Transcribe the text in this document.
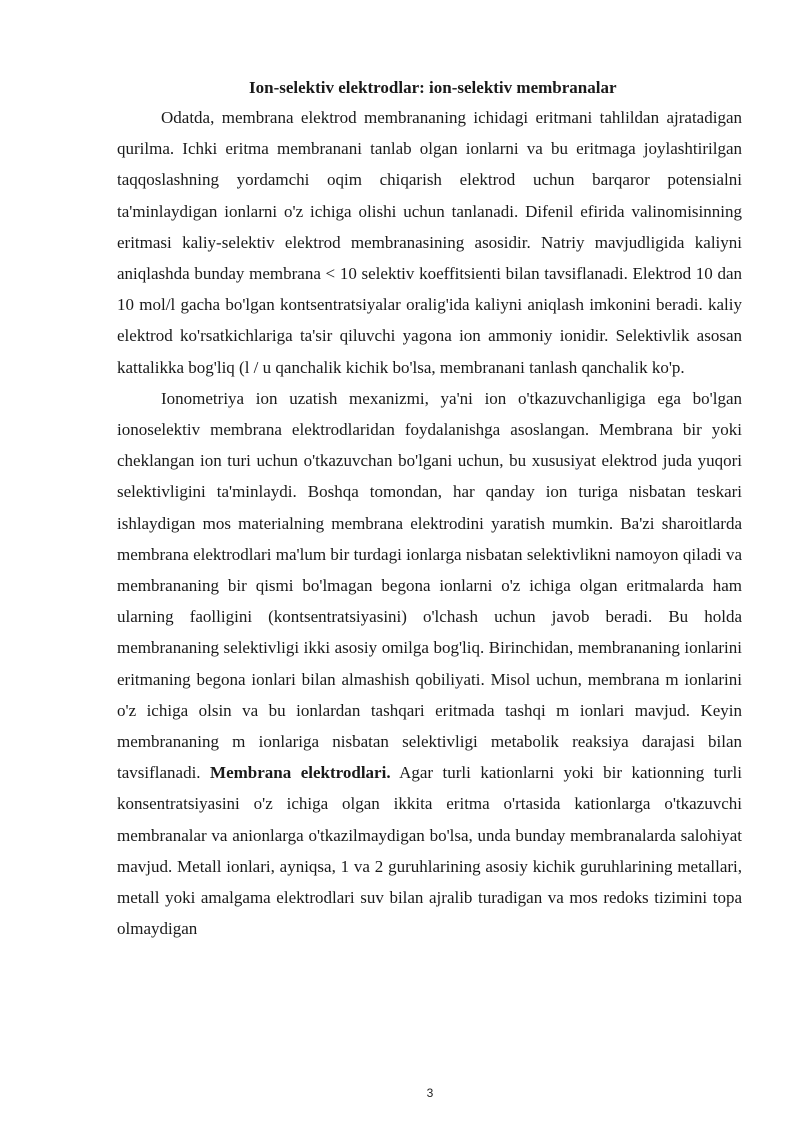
Ion-selektiv elektrodlar: ion-selektiv membranalar

Odatda, membrana elektrod membrananing ichidagi eritmani tahlildan ajratadigan qurilma. Ichki eritma membranani tanlab olgan ionlarni va bu eritmaga joylashtirilgan taqqoslashning yordamchi oqim chiqarish elektrod uchun barqaror potensialni ta'minlaydigan ionlarni o'z ichiga olishi uchun tanlanadi. Difenil efirida valinomisinning eritmasi kaliy-selektiv elektrod membranasining asosidir. Natriy mavjudligida kaliyni aniqlashda bunday membrana < 10 selektiv koeffitsienti bilan tavsiflanadi. Elektrod 10 dan 10 mol/l gacha bo'lgan kontsentratsiyalar oralig'ida kaliyni aniqlash imkonini beradi. kaliy elektrod ko'rsatkichlariga ta'sir qiluvchi yagona ion ammoniy ionidir. Selektivlik asosan kattalikka bog'liq (l / u qanchalik kichik bo'lsa, membranani tanlash qanchalik ko'p.

Ionometriya ion uzatish mexanizmi, ya'ni ion o'tkazuvchanligiga ega bo'lgan ionoselektiv membrana elektrodlaridan foydalanishga asoslangan. Membrana bir yoki cheklangan ion turi uchun o'tkazuvchan bo'lgani uchun, bu xususiyat elektrod juda yuqori selektivligini ta'minlaydi. Boshqa tomondan, har qanday ion turiga nisbatan teskari ishlaydigan mos materialning membrana elektrodini yaratish mumkin. Ba'zi sharoitlarda membrana elektrodlari ma'lum bir turdagi ionlarga nisbatan selektivlikni namoyon qiladi va membrananing bir qismi bo'lmagan begona ionlarni o'z ichiga olgan eritmalarda ham ularning faolligini (kontsentratsiyasini) o'lchash uchun javob beradi. Bu holda membrananing selektivligi ikki asosiy omilga bog'liq. Birinchidan, membrananing ionlarini eritmaning begona ionlari bilan almashish qobiliyati. Misol uchun, membrana m ionlarini o'z ichiga olsin va bu ionlardan tashqari eritmada tashqi m ionlari mavjud. Keyin membrananing m ionlariga nisbatan selektivligi metabolik reaksiya darajasi bilan tavsiflanadi. Membrana elektrodlari. Agar turli kationlarni yoki bir kationning turli konsentratsiyasini o'z ichiga olgan ikkita eritma o'rtasida kationlarga o'tkazuvchi membranalar va anionlarga o'tkazilmaydigan bo'lsa, unda bunday membranalarda salohiyat mavjud. Metall ionlari, ayniqsa, 1 va 2 guruhlarining asosiy kichik guruhlarining metallari, metall yoki amalgama elektrodlari suv bilan ajralib turadigan va mos redoks tizimini topa olmaydigan

3
